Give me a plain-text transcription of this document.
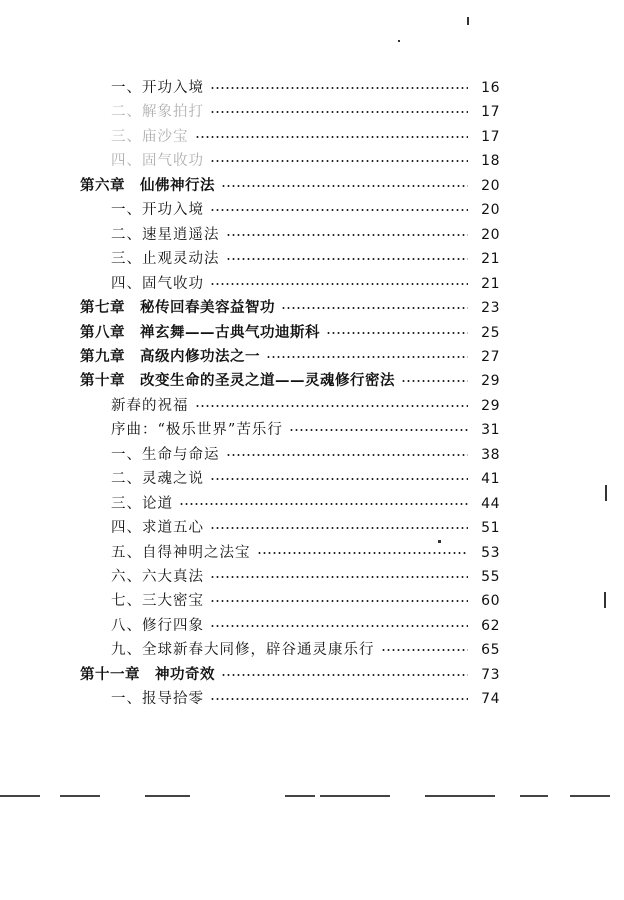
一、开功入境	16
二、解象拍打	17
三、庙沙宝	17
四、固气收功	18
第六章　仙佛神行法	20
一、开功入境	20
二、速星逍遥法	20
三、止观灵动法	21
四、固气收功	21
第七章　秘传回春美容益智功	23
第八章　禅玄舞——古典气功迪斯科	25
第九章　高级内修功法之一	27
第十章　改变生命的圣灵之道——灵魂修行密法	29
新春的祝福	29
序曲：“极乐世界”苦乐行	31
一、生命与命运	38
二、灵魂之说	41
三、论道	44
四、求道五心	51
五、自得神明之法宝	53
六、六大真法	55
七、三大密宝	60
八、修行四象	62
九、全球新春大同修，辟谷通灵康乐行	65
第十一章　神功奇效	73
一、报导拾零	74
